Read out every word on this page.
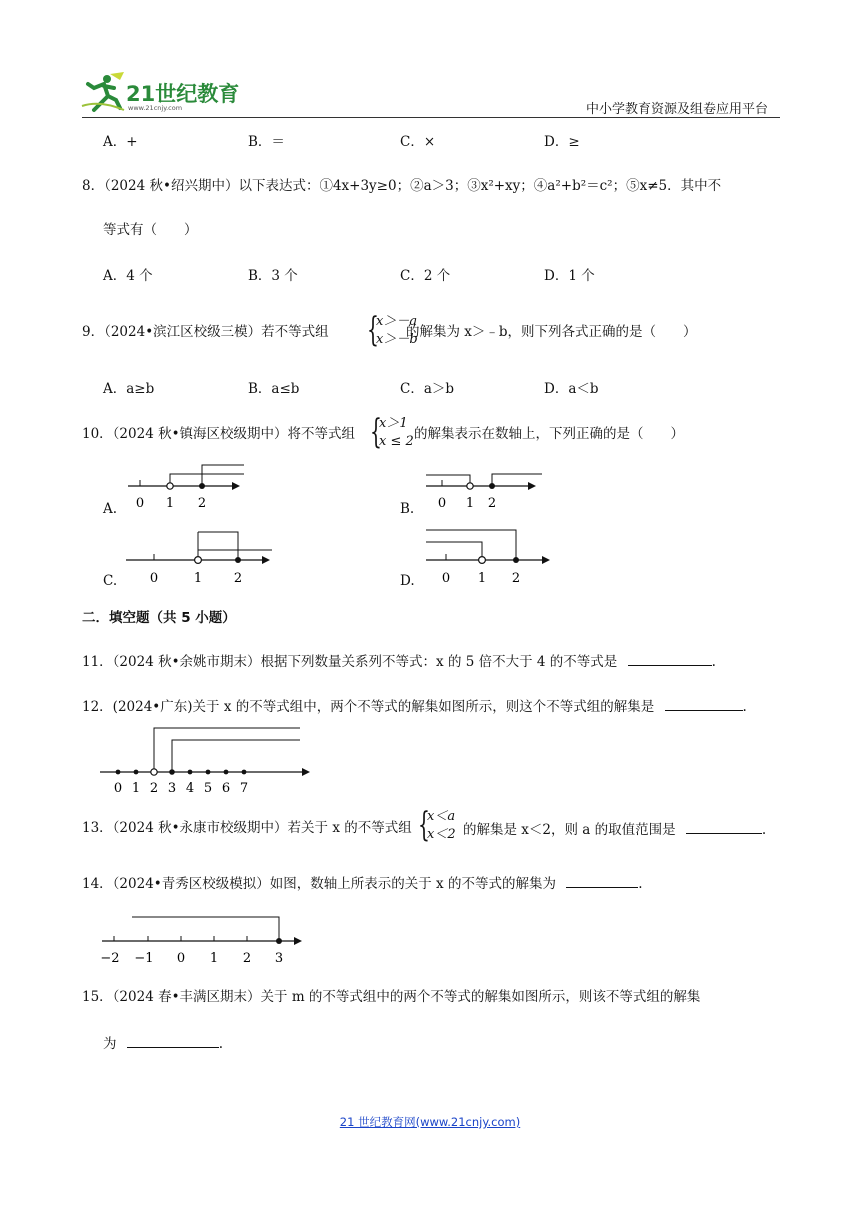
21世纪教育
www.21cnjy.com	中小学教育资源及组卷应用平台
A．+	B．＝	C．×	D．≥
8．（2024 秋•绍兴期中）以下表达式：①4x+3y≥0；②a＞3；③x²+xy；④a²+b²＝c²；⑤x≠5．其中不
等式有（　　）
A．4 个	B．3 个	C．2 个	D．1 个
9．（2024•滨江区校级三模）若不等式组 {
x＞－a
x＞－b
的解集为 x＞﹣b，则下列各式正确的是（　　）
A．a≥b	B．a≤b	C．a＞b	D．a＜b
10．（2024 秋•镇海区校级期中）将不等式组 {
x＞1
x ≤ 2 的解集表示在数轴上，下列正确的是（　　）
A. 0 1 2	B. 0 1 2
C.	0	1 2	D. 0 1 2
二．填空题（共 5 小题）
11．（2024 秋•余姚市期末）根据下列数量关系列不等式：x 的 5 倍不大于 4 的不等式是	.
12．(2024•广东)关于 x 的不等式组中，两个不等式的解集如图所示，则这个不等式组的解集是	.
0 1 2 3 4 5 6 7
13．（2024 秋•永康市校级期中）若关于 x 的不等式组 {
x＜a
x＜2 的解集是 x＜2，则 a 的取值范围是	.
14．（2024•青秀区校级模拟）如图，数轴上所表示的关于 x 的不等式的解集为	.
−2 −1 0 1 2 3
15．（2024 春•丰满区期末）关于 m 的不等式组中的两个不等式的解集如图所示，则该不等式组的解集
为	.
21 世纪教育网(www.21cnjy.com)
